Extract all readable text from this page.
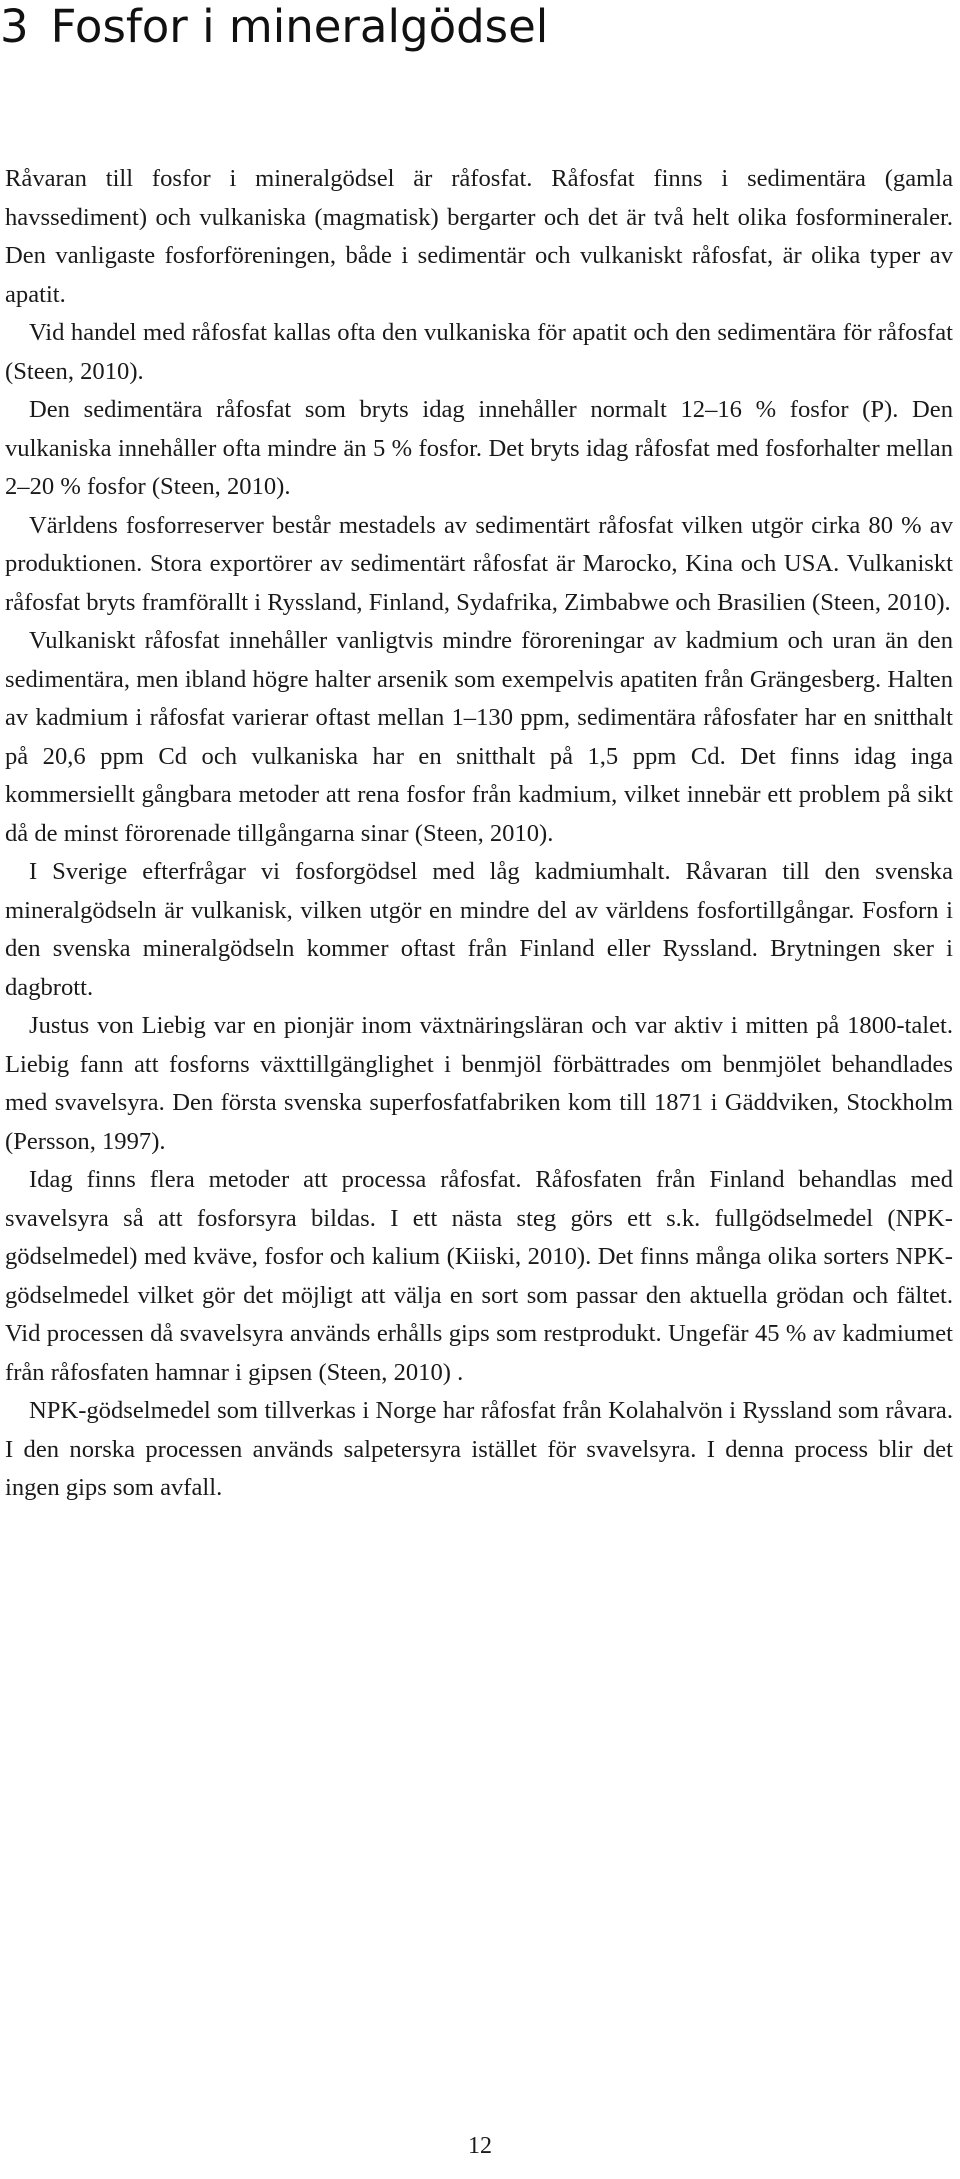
3 Fosfor i mineralgödsel

Råvaran till fosfor i mineralgödsel är råfosfat. Råfosfat finns i sedimentära (gamla havssediment) och vulkaniska (magmatisk) bergarter och det är två helt olika fosformineraler. Den vanligaste fosforföreningen, både i sedimentär och vulkaniskt råfosfat, är olika typer av apatit.

Vid handel med råfosfat kallas ofta den vulkaniska för apatit och den sedimentära för råfosfat (Steen, 2010).

Den sedimentära råfosfat som bryts idag innehåller normalt 12–16 % fosfor (P). Den vulkaniska innehåller ofta mindre än 5 % fosfor. Det bryts idag råfosfat med fosforhalter mellan 2–20 % fosfor (Steen, 2010).

Världens fosforreserver består mestadels av sedimentärt råfosfat vilken utgör cirka 80 % av produktionen. Stora exportörer av sedimentärt råfosfat är Marocko, Kina och USA. Vulkaniskt råfosfat bryts framförallt i Ryssland, Finland, Sydafrika, Zimbabwe och Brasilien (Steen, 2010).

Vulkaniskt råfosfat innehåller vanligtvis mindre föroreningar av kadmium och uran än den sedimentära, men ibland högre halter arsenik som exempelvis apatiten från Grängesberg. Halten av kadmium i råfosfat varierar oftast mellan 1–130 ppm, sedimentära råfosfater har en snitthalt på 20,6 ppm Cd och vulkaniska har en snitthalt på 1,5 ppm Cd. Det finns idag inga kommersiellt gångbara metoder att rena fosfor från kadmium, vilket innebär ett problem på sikt då de minst förorenade tillgångarna sinar (Steen, 2010).

I Sverige efterfrågar vi fosforgödsel med låg kadmiumhalt. Råvaran till den svenska mineralgödseln är vulkanisk, vilken utgör en mindre del av världens fosfortillgångar. Fosforn i den svenska mineralgödseln kommer oftast från Finland eller Ryssland. Brytningen sker i dagbrott.

Justus von Liebig var en pionjär inom växtnäringsläran och var aktiv i mitten på 1800-talet. Liebig fann att fosforns växttillgänglighet i benmjöl förbättrades om benmjölet behandlades med svavelsyra. Den första svenska superfosfatfabriken kom till 1871 i Gäddviken, Stockholm (Persson, 1997).

Idag finns flera metoder att processa råfosfat. Råfosfaten från Finland behandlas med svavelsyra så att fosforsyra bildas. I ett nästa steg görs ett s.k. fullgödselmedel (NPK-gödselmedel) med kväve, fosfor och kalium (Kiiski, 2010). Det finns många olika sorters NPK-gödselmedel vilket gör det möjligt att välja en sort som passar den aktuella grödan och fältet. Vid processen då svavelsyra används erhålls gips som restprodukt. Ungefär 45 % av kadmiumet från råfosfaten hamnar i gipsen (Steen, 2010) .

NPK-gödselmedel som tillverkas i Norge har råfosfat från Kolahalvön i Ryssland som råvara. I den norska processen används salpetersyra istället för svavelsyra. I denna process blir det ingen gips som avfall.

12
